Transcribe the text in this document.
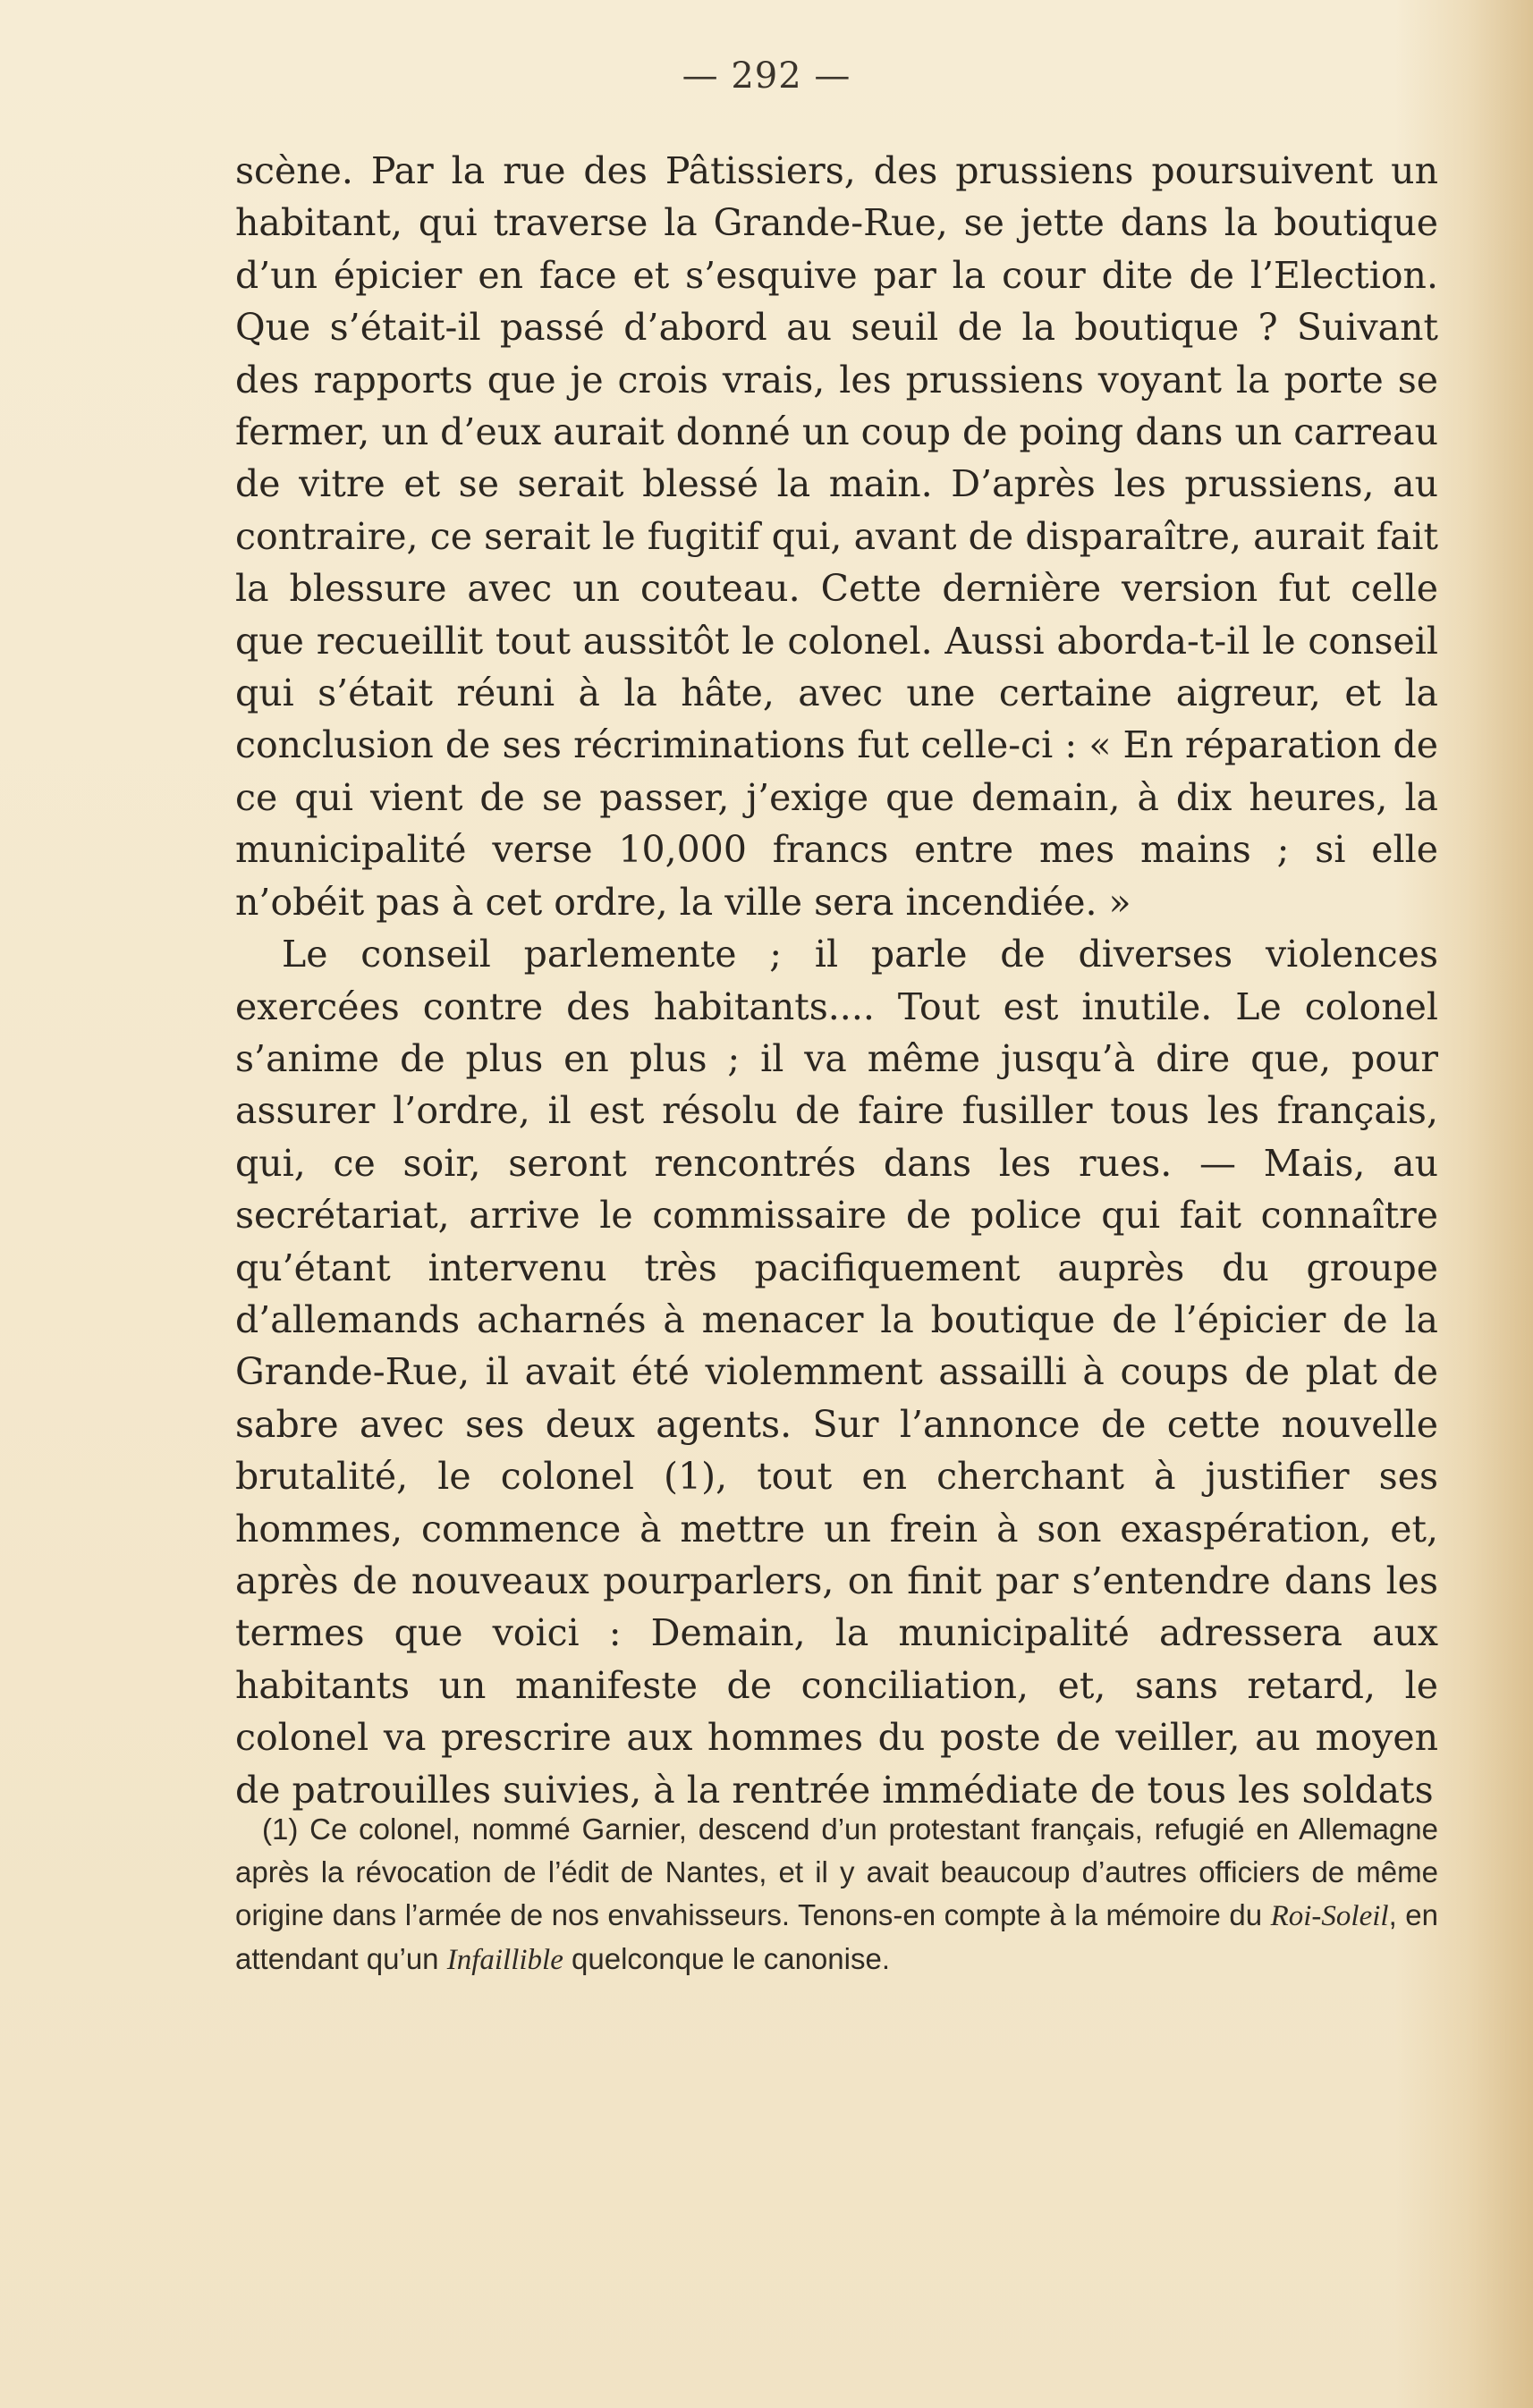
— 292 —

scène. Par la rue des Pâtissiers, des prussiens poursuivent un habitant, qui traverse la Grande-Rue, se jette dans la boutique d’un épicier en face et s’esquive par la cour dite de l’Election. Que s’était-il passé d’abord au seuil de la boutique ? Suivant des rapports que je crois vrais, les prussiens voyant la porte se fermer, un d’eux aurait donné un coup de poing dans un carreau de vitre et se serait blessé la main. D’après les prussiens, au contraire, ce serait le fugitif qui, avant de disparaître, aurait fait la blessure avec un couteau. Cette dernière version fut celle que recueillit tout aussitôt le colonel. Aussi aborda-t-il le conseil qui s’était réuni à la hâte, avec une certaine aigreur, et la conclusion de ses récriminations fut celle-ci : « En réparation de ce qui vient de se passer, j’exige que demain, à dix heures, la municipalité verse 10,000 francs entre mes mains ; si elle n’obéit pas à cet ordre, la ville sera incendiée. »

Le conseil parlemente ; il parle de diverses violences exercées contre des habitants.... Tout est inutile. Le colonel s’anime de plus en plus ; il va même jusqu’à dire que, pour assurer l’ordre, il est résolu de faire fusiller tous les français, qui, ce soir, seront rencontrés dans les rues. — Mais, au secrétariat, arrive le commissaire de police qui fait connaître qu’étant intervenu très pacifiquement auprès du groupe d’allemands acharnés à menacer la boutique de l’épicier de la Grande-Rue, il avait été violemment assailli à coups de plat de sabre avec ses deux agents. Sur l’annonce de cette nouvelle brutalité, le colonel (1), tout en cherchant à justifier ses hommes, commence à mettre un frein à son exaspération, et, après de nouveaux pourparlers, on finit par s’entendre dans les termes que voici : Demain, la municipalité adressera aux habitants un manifeste de conciliation, et, sans retard, le colonel va prescrire aux hommes du poste de veiller, au moyen de patrouilles suivies, à la rentrée immédiate de tous les soldats

(1) Ce colonel, nommé Garnier, descend d’un protestant français, refugié en Allemagne après la révocation de l’édit de Nantes, et il y avait beaucoup d’autres officiers de même origine dans l’armée de nos envahisseurs. Tenons-en compte à la mémoire du Roi-Soleil, en attendant qu’un Infaillible quelconque le canonise.
